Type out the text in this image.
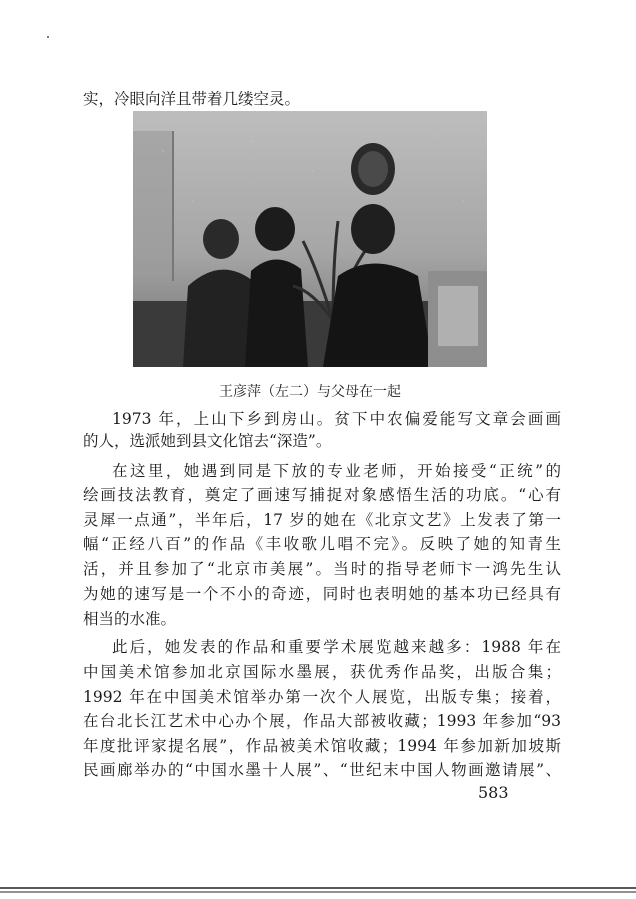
实，冷眼向洋且带着几缕空灵。
王彦萍（左二）与父母在一起
1973 年，上山下乡到房山。贫下中农偏爱能写文章会画画
的人，选派她到县文化馆去“深造”。
在这里，她遇到同是下放的专业老师，开始接受“正统”的
绘画技法教育，奠定了画速写捕捉对象感悟生活的功底。“心有
灵犀一点通”，半年后，17 岁的她在《北京文艺》上发表了第一
幅“正经八百”的作品《丰收歌儿唱不完》。反映了她的知青生
活，并且参加了“北京市美展”。当时的指导老师卞一鸿先生认
为她的速写是一个不小的奇迹，同时也表明她的基本功已经具有
相当的水准。
此后，她发表的作品和重要学术展览越来越多：1988 年在
中国美术馆参加北京国际水墨展，获优秀作品奖，出版合集；
1992 年在中国美术馆举办第一次个人展览，出版专集；接着，
在台北长江艺术中心办个展，作品大部被收藏；1993 年参加“93
年度批评家提名展”，作品被美术馆收藏；1994 年参加新加坡斯
民画廊举办的“中国水墨十人展”、“世纪末中国人物画邀请展”、
583
